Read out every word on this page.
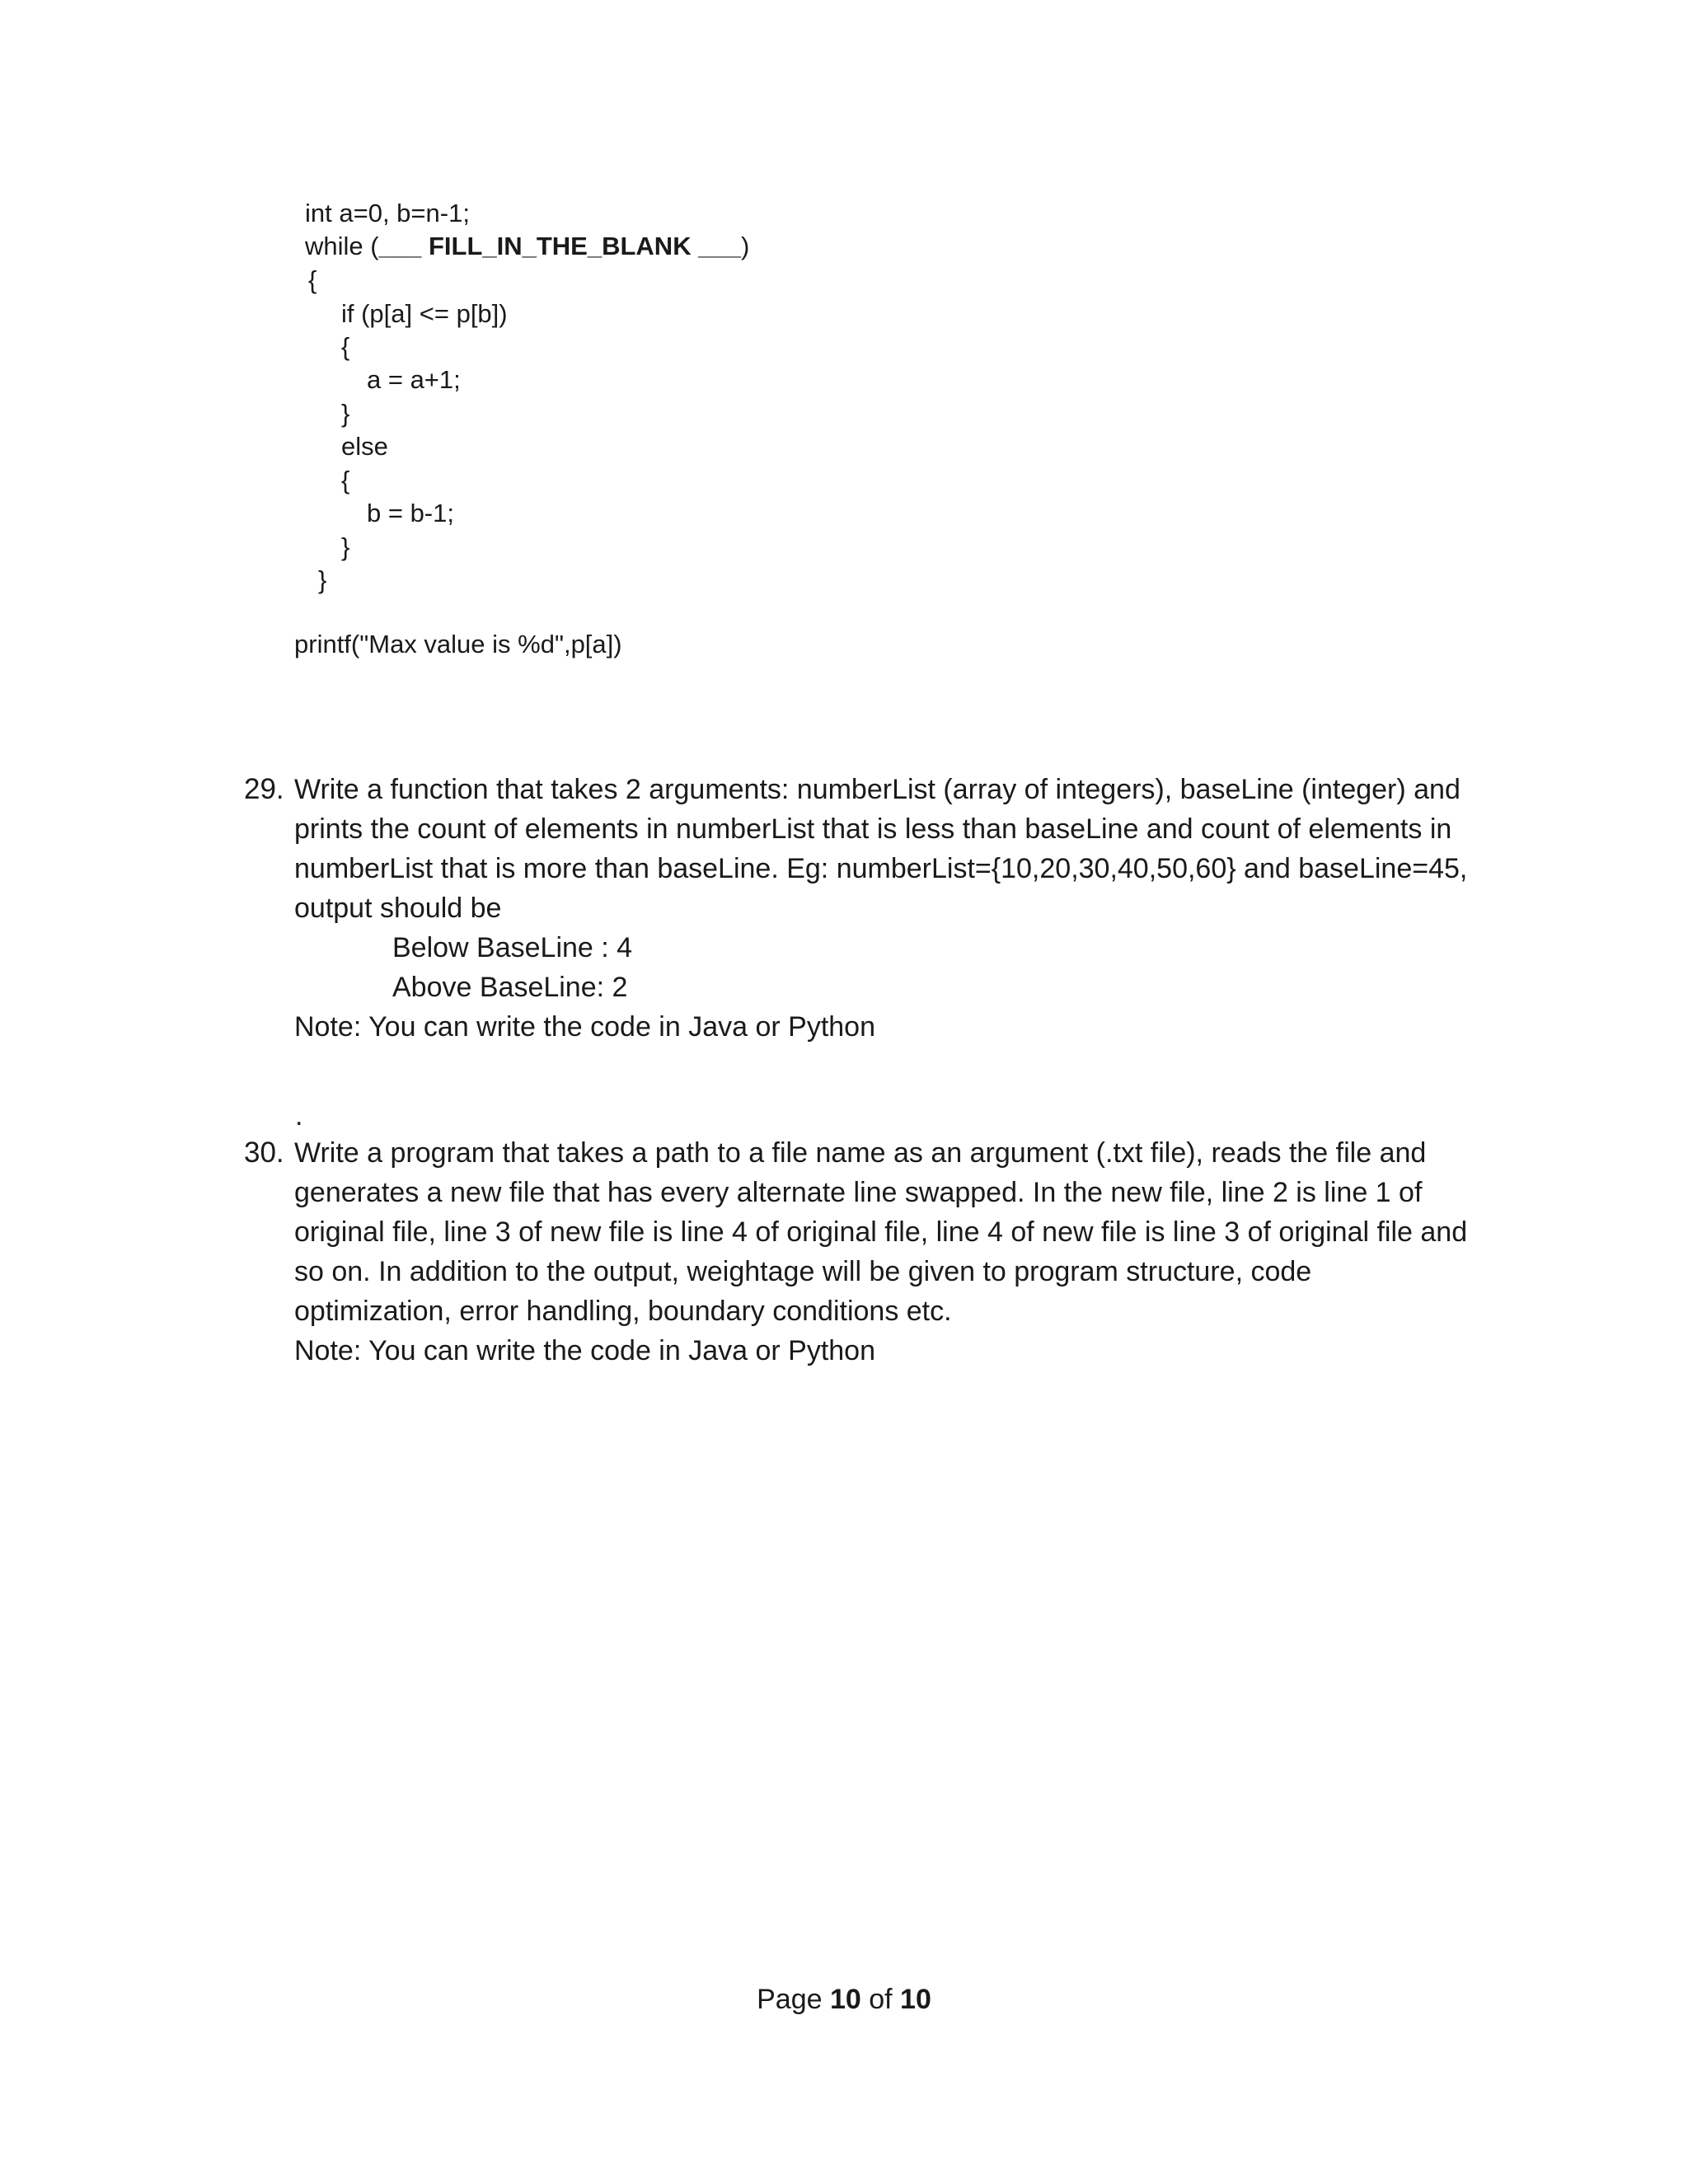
int a=0, b=n-1;
while (___ FILL_IN_THE_BLANK ___)
{
if (p[a] <= p[b])
{
a = a+1;
}
else
{
b = b-1;
}
}
printf("Max value is %d",p[a])
29. Write a function that takes 2 arguments: numberList (array of integers), baseLine (integer) and
prints the count of elements in numberList that is less than baseLine and count of elements in
numberList that is more than baseLine. Eg: numberList={10,20,30,40,50,60} and baseLine=45,
output should be
Below BaseLine : 4
Above BaseLine: 2
Note: You can write the code in Java or Python
.
30. Write a program that takes a path to a file name as an argument (.txt file), reads the file and
generates a new file that has every alternate line swapped. In the new file, line 2 is line 1 of
original file, line 3 of new file is line 4 of original file, line 4 of new file is line 3 of original file and
so on. In addition to the output, weightage will be given to program structure, code
optimization, error handling, boundary conditions etc.
Note: You can write the code in Java or Python
Page 10 of 10
